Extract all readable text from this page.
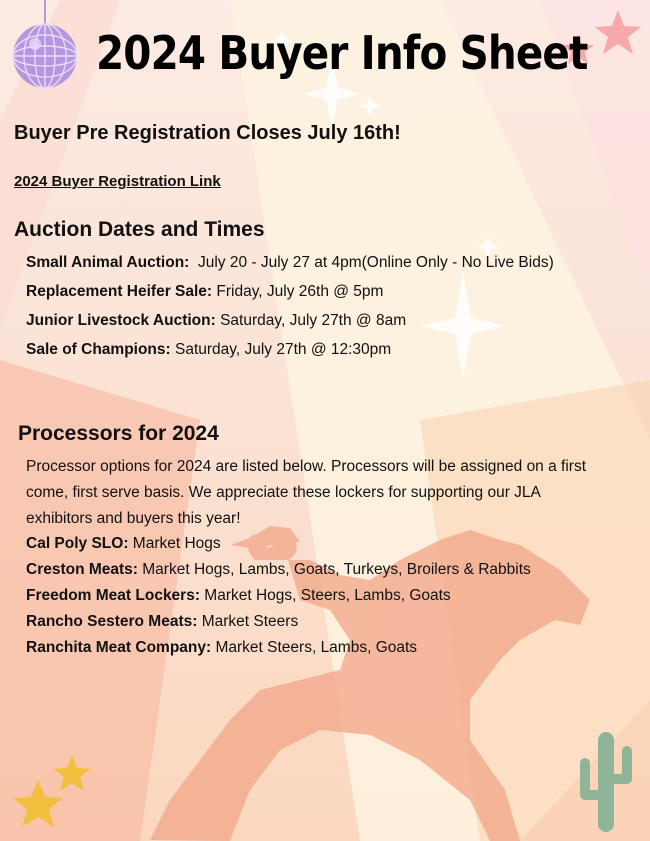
2024 Buyer Info Sheet
Buyer Pre Registration Closes July 16th!
2024 Buyer Registration Link
Auction Dates and Times
Small Animal Auction:  July 20 - July 27 at 4pm(Online Only - No Live Bids)
Replacement Heifer Sale: Friday, July 26th @ 5pm
Junior Livestock Auction: Saturday, July 27th @ 8am
Sale of Champions: Saturday, July 27th @ 12:30pm
Processors for 2024
Processor options for 2024 are listed below. Processors will be assigned on a first come, first serve basis. We appreciate these lockers for supporting our JLA exhibitors and buyers this year!
Cal Poly SLO: Market Hogs
Creston Meats: Market Hogs, Lambs, Goats, Turkeys, Broilers & Rabbits
Freedom Meat Lockers: Market Hogs, Steers, Lambs, Goats
Rancho Sestero Meats: Market Steers
Ranchita Meat Company: Market Steers, Lambs, Goats
